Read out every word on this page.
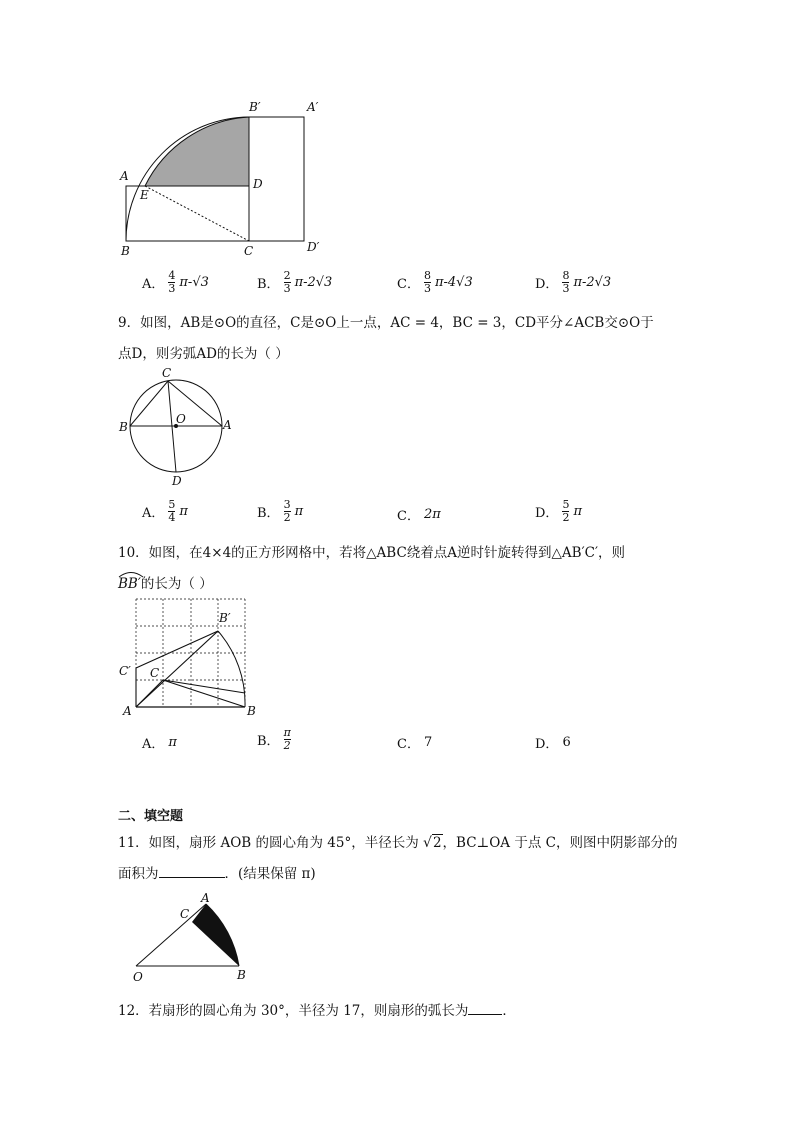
B′	A′
A
E
D
B	C	D′
A． $\frac{4}{3} \pi-√3$	B． $\frac{2}{3} \pi-2√3$	C． $\frac{8}{3} \pi-4√3$	D． $\frac{8}{3} \pi-2√3$
9．如图，AB是⊙O的直径，C是⊙O上一点，AC = 4，BC = 3，CD平分∠ACB交⊙O于
点D，则劣弧AD的长为（ ）
C
B
O	A
D
A． $\frac{5}{4}$ π	B． $\frac{3}{2}$ π	C． 2π	D． $\frac{5}{2}$ π
10．如图，在4×4的正方形网格中，若将△ABC绕着点A逆时针旋转得到△AB′C′，则
BB′的长为（ ）
B′
C′ C
A	B
A． π	B． $\frac{\pi}{2}$	C． 7	D． 6
二、填空题
11．如图，扇形 AOB 的圆心角为 45°，半径长为 √ 2 ，BC⊥OA 于点 C，则图中阴影部分的
面积为	．(结果保留 π)
A
C
O	B
12．若扇形的圆心角为 30°，半径为 17，则扇形的弧长为	．
